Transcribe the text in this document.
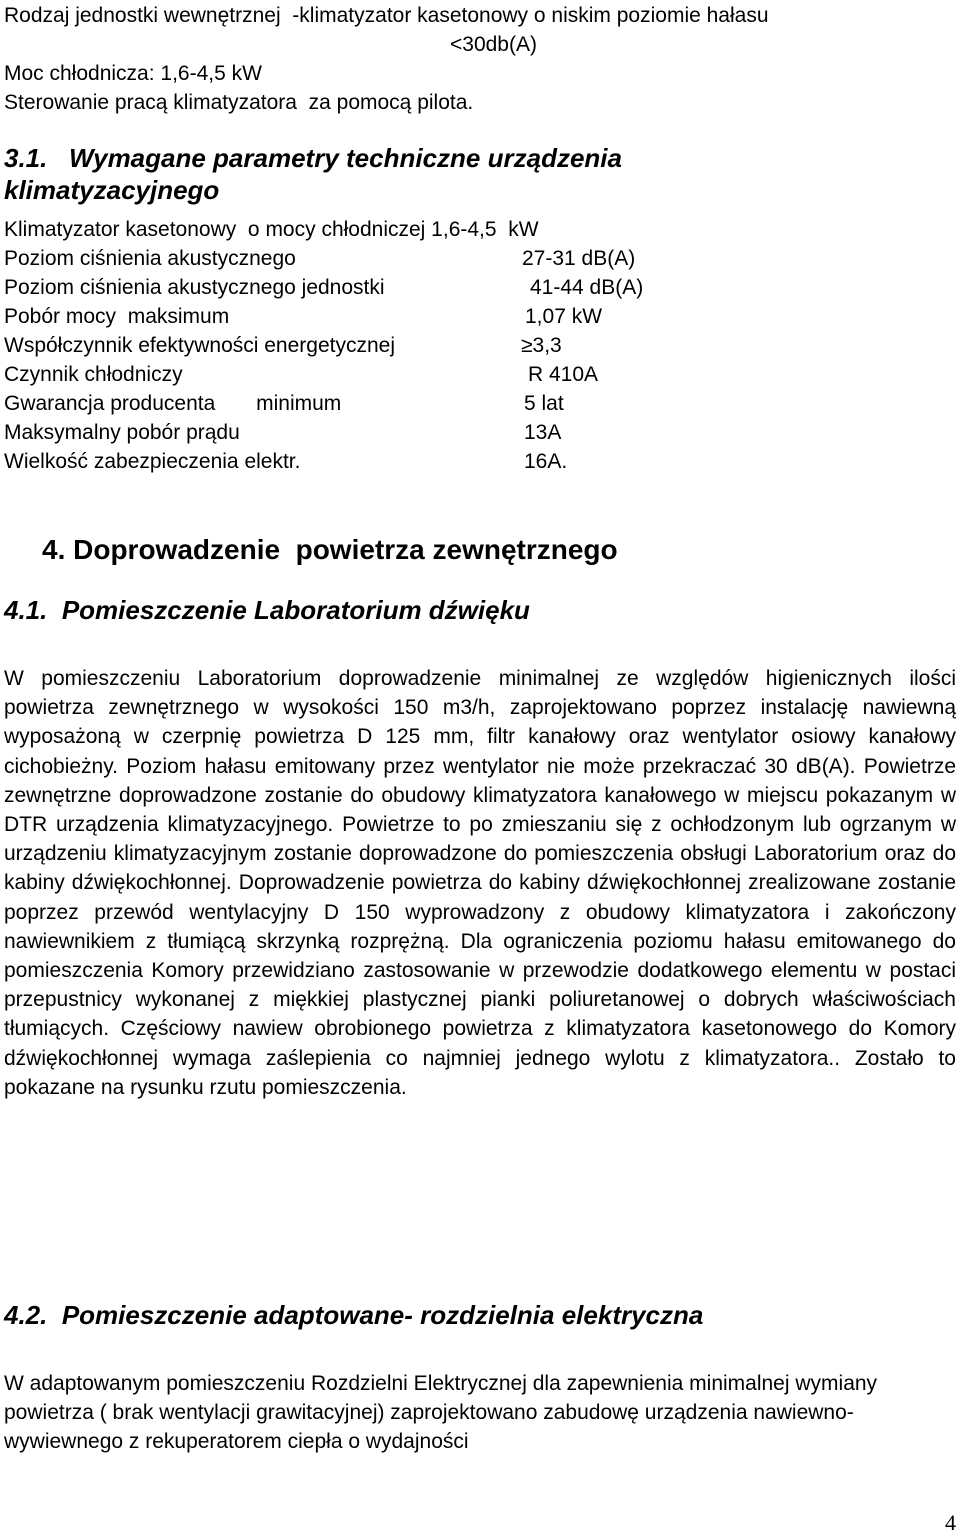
Rodzaj jednostki wewnętrznej  -klimatyzator kasetonowy o niskim poziomie hałasu
<30db(A)
Moc chłodnicza: 1,6-4,5 kW
Sterowanie pracą klimatyzatora  za pomocą pilota.
3.1.   Wymagane parametry techniczne urządzenia
klimatyzacyjnego
Klimatyzator kasetonowy  o mocy chłodniczej 1,6-4,5  kW
Poziom ciśnienia akustycznego	27-31 dB(A)
Poziom ciśnienia akustycznego jednostki	41-44 dB(A)
Pobór mocy  maksimum	1,07 kW
Współczynnik efektywności energetycznej	≥3,3
Czynnik chłodniczy	R 410A
Gwarancja producenta       minimum	5 lat
Maksymalny pobór prądu	13A
Wielkość zabezpieczenia elektr.	16A.
4. Doprowadzenie  powietrza zewnętrznego
4.1.  Pomieszczenie Laboratorium dźwięku
W pomieszczeniu Laboratorium doprowadzenie minimalnej ze względów higienicznych ilości powietrza zewnętrznego w wysokości 150 m3/h, zaprojektowano poprzez instalację nawiewną wyposażoną w czerpnię powietrza D 125 mm, filtr kanałowy oraz wentylator osiowy kanałowy cichobieżny. Poziom hałasu emitowany przez wentylator nie może przekraczać 30 dB(A). Powietrze zewnętrzne doprowadzone zostanie do obudowy klimatyzatora kanałowego w miejscu pokazanym w DTR urządzenia klimatyzacyjnego. Powietrze to po zmieszaniu się z ochłodzonym lub ogrzanym w urządzeniu klimatyzacyjnym zostanie doprowadzone do pomieszczenia obsługi Laboratorium oraz do kabiny dźwiękochłonnej. Doprowadzenie powietrza do kabiny dźwiękochłonnej zrealizowane zostanie poprzez przewód wentylacyjny D 150 wyprowadzony z obudowy klimatyzatora i zakończony nawiewnikiem z tłumiącą skrzynką rozprężną. Dla ograniczenia poziomu hałasu emitowanego do pomieszczenia Komory przewidziano zastosowanie w przewodzie dodatkowego elementu w postaci przepustnicy wykonanej z miękkiej plastycznej pianki poliuretanowej o dobrych właściwościach tłumiących. Częściowy nawiew obrobionego powietrza z klimatyzatora kasetonowego do Komory dźwiękochłonnej wymaga zaślepienia co najmniej jednego wylotu z klimatyzatora.. Zostało to pokazane na rysunku rzutu pomieszczenia.
4.2.  Pomieszczenie adaptowane- rozdzielnia elektryczna
W adaptowanym pomieszczeniu Rozdzielni Elektrycznej dla zapewnienia minimalnej wymiany powietrza ( brak wentylacji grawitacyjnej) zaprojektowano zabudowę urządzenia nawiewno-wywiewnego z rekuperatorem ciepła o wydajności
4
